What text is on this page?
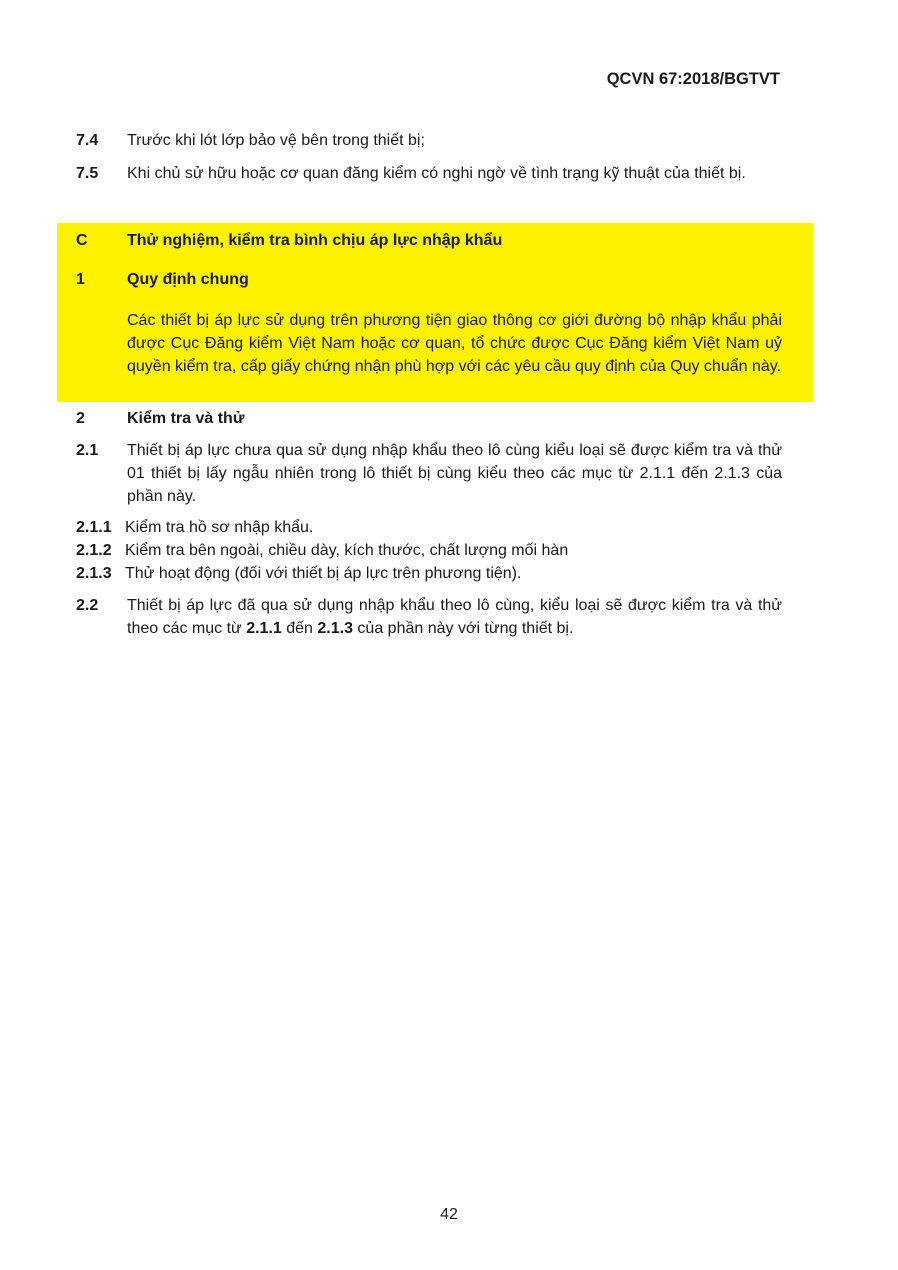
QCVN 67:2018/BGTVT
7.4 Trước khi lót lớp bảo vệ bên trong thiết bị;
7.5 Khi chủ sử hữu hoặc cơ quan đăng kiểm có nghi ngờ về tình trạng kỹ thuật của thiết bị.
C Thử nghiệm, kiểm tra bình chịu áp lực nhập khẩu
1	Quy định chung
Các thiết bị áp lực sử dụng trên phương tiện giao thông cơ giới đường bộ nhập khẩu phải được Cục Đăng kiểm Việt Nam hoặc cơ quan, tổ chức được Cục Đăng kiểm Việt Nam uỷ quyền kiểm tra, cấp giấy chứng nhận phù hợp với các yêu cầu quy định của Quy chuẩn này.
2	Kiểm tra và thử
2.1 Thiết bị áp lực chưa qua sử dụng nhập khẩu theo lô cùng kiểu loại sẽ được kiểm tra và thử 01 thiết bị lấy ngẫu nhiên trong lô thiết bị cùng kiểu theo các mục từ 2.1.1 đến 2.1.3 của phần này.
2.1.1 Kiểm tra hồ sơ nhập khẩu.
2.1.2 Kiểm tra bên ngoài, chiều dày, kích thước, chất lượng mối hàn
2.1.3 Thử hoạt động (đối với thiết bị áp lực trên phương tiện).
2.2 Thiết bị áp lực đã qua sử dụng nhập khẩu theo lô cùng, kiểu loại sẽ được kiểm tra và thử theo các mục từ 2.1.1 đến 2.1.3 của phần này với từng thiết bị.
42
